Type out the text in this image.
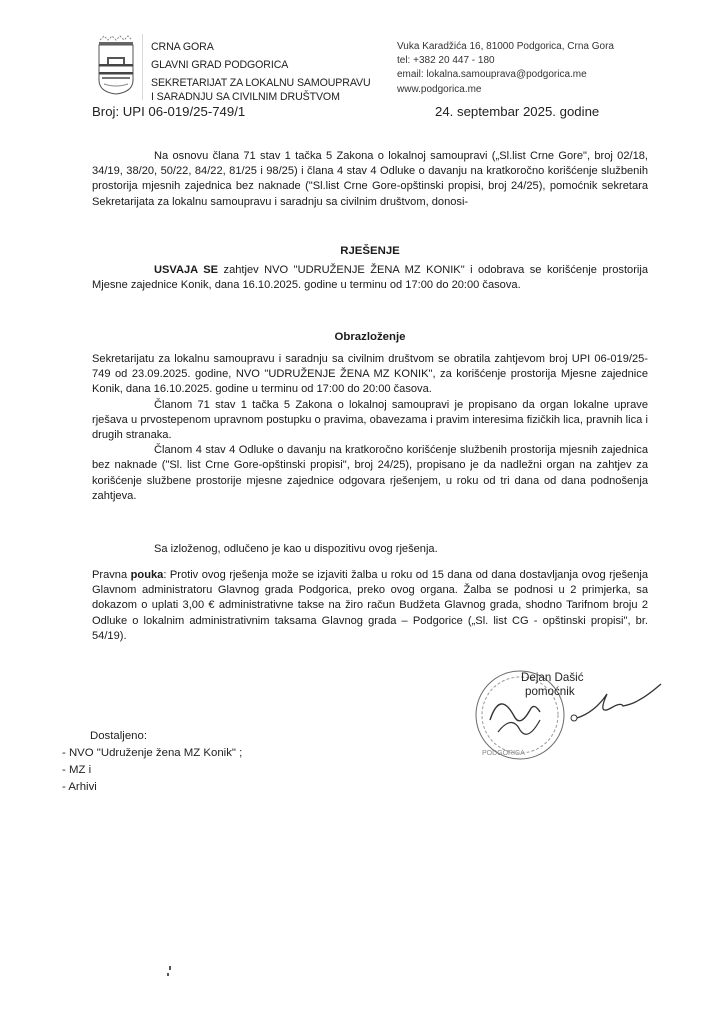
CRNA GORA
GLAVNI GRAD PODGORICA
SEKRETARIJAT ZA LOKALNU SAMOUPRAVU
I SARADNJU SA CIVILNIM DRUŠTVOM
Vuka Karadžića 16, 81000 Podgorica, Crna Gora
tel: +382 20 447 - 180
email: lokalna.samouprava@podgorica.me
www.podgorica.me
Broj: UPI 06-019/25-749/1	24. septembar 2025. godine

Na osnovu člana 71 stav 1 tačka 5 Zakona o lokalnoj samoupravi („Sl.list Crne Gore", broj 02/18, 34/19, 38/20, 50/22, 84/22, 81/25 i 98/25) i člana 4 stav 4 Odluke o davanju na kratkoročno korišćenje službenih prostorija mjesnih zajednica bez naknade ("Sl.list Crne Gore-opštinski propisi, broj 24/25), pomoćnik sekretara Sekretarijata za lokalnu samoupravu i saradnju sa civilnim društvom, donosi-

RJEŠENJE

USVAJA SE zahtjev NVO "UDRUŽENJE ŽENA MZ KONIK" i odobrava se korišćenje prostorija Mjesne zajednice Konik, dana 16.10.2025. godine u terminu od 17:00 do 20:00 časova.

Obrazloženje

Sekretarijatu za lokalnu samoupravu i saradnju sa civilnim društvom se obratila zahtjevom broj UPI 06-019/25-749 od 23.09.2025. godine, NVO "UDRUŽENJE ŽENA MZ KONIK", za korišćenje prostorija Mjesne zajednice Konik, dana 16.10.2025. godine u terminu od 17:00 do 20:00 časova.

Članom 71 stav 1 tačka 5 Zakona o lokalnoj samoupravi je propisano da organ lokalne uprave rješava u prvostepenom upravnom postupku o pravima, obavezama i pravim interesima fizičkih lica, pravnih lica i drugih stranaka.

Članom 4 stav 4 Odluke o davanju na kratkoročno korišćenje službenih prostorija mjesnih zajednica bez naknade ("Sl. list Crne Gore-opštinski propisi", broj 24/25), propisano je da nadležni organ na zahtjev za korišćenje službene prostorije mjesne zajednice odgovara rješenjem, u roku od tri dana od dana podnošenja zahtjeva.

Sa izloženog, odlučeno je kao u dispozitivu ovog rješenja.

Pravna pouka: Protiv ovog rješenja može se izjaviti žalba u roku od 15 dana od dana dostavljanja ovog rješenja Glavnom administratoru Glavnog grada Podgorica, preko ovog organa. Žalba se podnosi u 2 primjerka, sa dokazom o uplati 3,00 € administrativne takse na žiro račun Budžeta Glavnog grada, shodno Tarifnom broju 2 Odluke o lokalnim administrativnim taksama Glavnog grada – Podgorice („Sl. list CG - opštinski propisi", br. 54/19).

PODGORICA
Dejan Dašić
pomoćnik
Dostaljeno:
- NVO "Udruženje žena MZ Konik" ;
- MZ i
- Arhivi
